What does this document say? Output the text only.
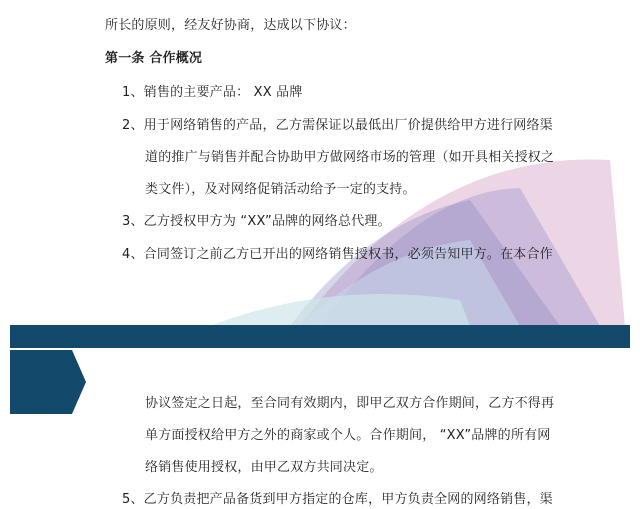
所长的原则，经友好协商，达成以下协议：
第一条 合作概况
1、销售的主要产品： XX 品牌
2、用于网络销售的产品，乙方需保证以最低出厂价提供给甲方进行网络渠
道的推广与销售并配合协助甲方做网络市场的管理（如开具相关授权之
类文件），及对网络促销活动给予一定的支持。
3、乙方授权甲方为 “XX”品牌的网络总代理。
4、合同签订之前乙方已开出的网络销售授权书，必须告知甲方。在本合作
协议签定之日起，至合同有效期内，即甲乙双方合作期间，乙方不得再
单方面授权给甲方之外的商家或个人。合作期间， “XX”品牌的所有网
络销售使用授权，由甲乙双方共同决定。
5、乙方负责把产品备货到甲方指定的仓库，甲方负责全网的网络销售，渠
